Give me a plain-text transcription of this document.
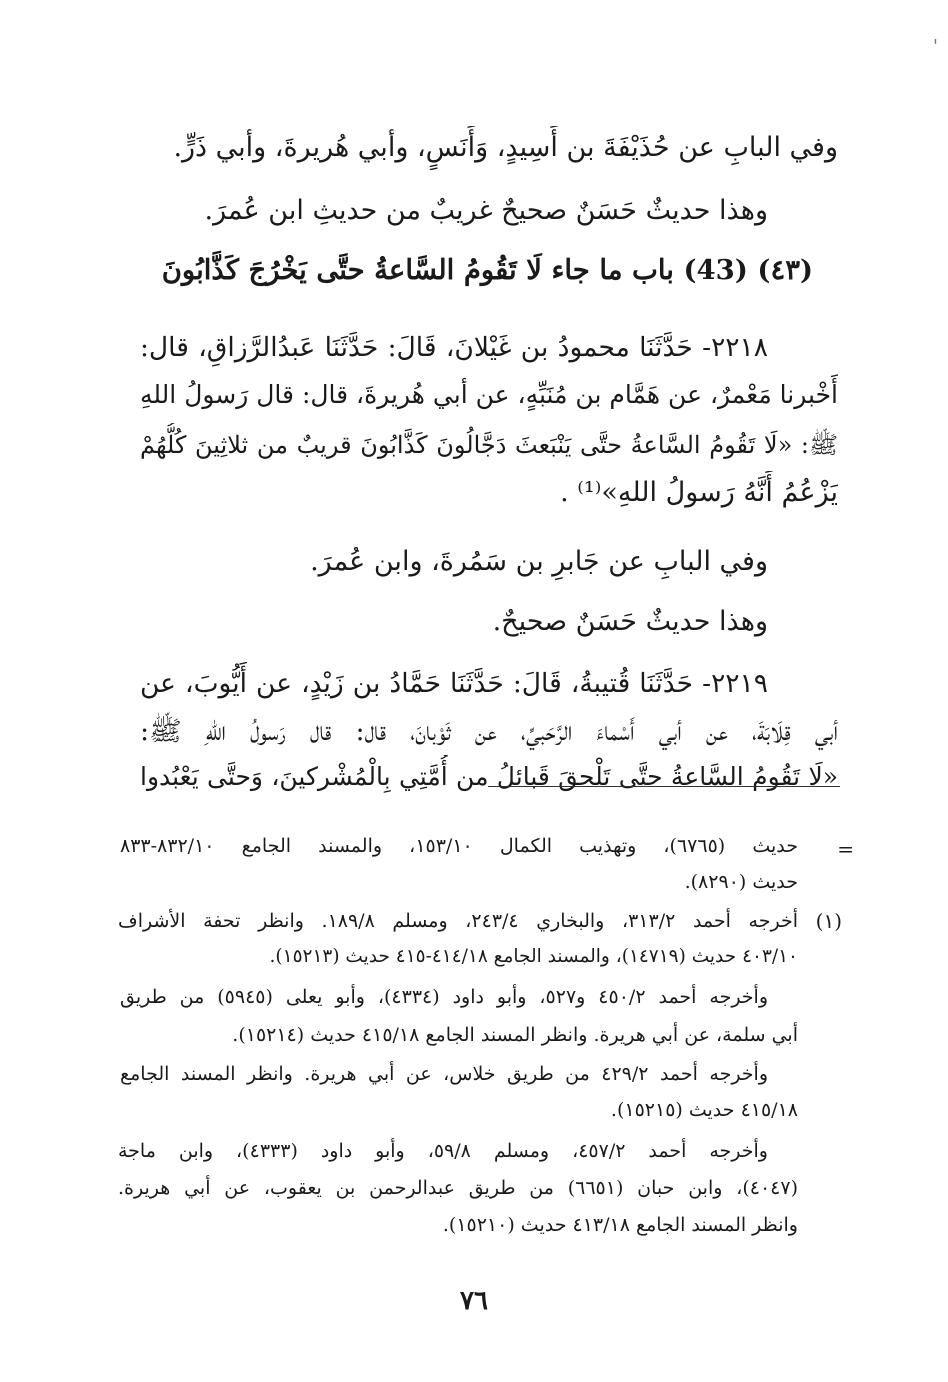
'
وفي البابِ عن حُذَيْفَةَ بن أَسِيدٍ، وَأَنَسٍ، وأبي هُريرةَ، وأبي ذَرٍّ.
وهذا حديثٌ حَسَنٌ صحيحٌ غريبٌ من حديثِ ابن عُمرَ.
(٤٣) (43) باب ما جاء لَا تَقُومُ السَّاعةُ حتَّى يَخْرُجَ كَذَّابُونَ
٢٢١٨- حَدَّثَنَا محمودُ بن غَيْلانَ، قَالَ: حَدَّثَنَا عَبدُالرَّزاقِ، قال:
أَخْبرنا مَعْمرٌ، عن هَمَّام بن مُنَبِّهٍ، عن أبي هُريرةَ، قال: قال رَسولُ اللهِ
ﷺ: «لَا تَقُومُ السَّاعةُ حتَّى يَنْبَعثَ دَجَّالُونَ كَذَّابُونَ قريبٌ من ثلاثِينَ كُلُّهُمْ
يَزْعُمُ أَنَّهُ رَسولُ اللهِ»⁽¹⁾ .
وفي البابِ عن جَابرِ بن سَمُرةَ، وابن عُمرَ.
وهذا حديثٌ حَسَنٌ صحيحٌ.
٢٢١٩- حَدَّثَنَا قُتيبةُ، قَالَ: حَدَّثَنَا حَمَّادُ بن زَيْدٍ، عن أَيُّوبَ، عن
أبي قِلَابَةَ، عن أبي أَسْماءَ الرَّحَبيِّ، عن ثَوْبانَ، قال: قال رَسولُ اللهِ ﷺ:
«لَا تَقُومُ السَّاعةُ حتَّى تَلْحقَ قَبائلُ من أُمَّتِي بِالْمُشْركينَ، وَحتَّى يَعْبُدوا
=
حديث (٦٧٦٥)، وتهذيب الكمال ١٥٣/١٠، والمسند الجامع ٨٣٢/١٠-٨٣٣
حديث (٨٢٩٠).
(١)
أخرجه أحمد ٣١٣/٢، والبخاري ٢٤٣/٤، ومسلم ١٨٩/٨. وانظر تحفة الأشراف
٤٠٣/١٠ حديث (١٤٧١٩)، والمسند الجامع ٤١٤/١٨-٤١٥ حديث (١٥٢١٣).
وأخرجه أحمد ٤٥٠/٢ و٥٢٧، وأبو داود (٤٣٣٤)، وأبو يعلى (٥٩٤٥) من طريق
أبي سلمة، عن أبي هريرة. وانظر المسند الجامع ٤١٥/١٨ حديث (١٥٢١٤).
وأخرجه أحمد ٤٢٩/٢ من طريق خلاس، عن أبي هريرة. وانظر المسند الجامع
٤١٥/١٨ حديث (١٥٢١٥).
وأخرجه أحمد ٤٥٧/٢، ومسلم ٥٩/٨، وأبو داود (٤٣٣٣)، وابن ماجة
(٤٠٤٧)، وابن حبان (٦٦٥١) من طريق عبدالرحمن بن يعقوب، عن أبي هريرة.
وانظر المسند الجامع ٤١٣/١٨ حديث (١٥٢١٠).
٧٦
